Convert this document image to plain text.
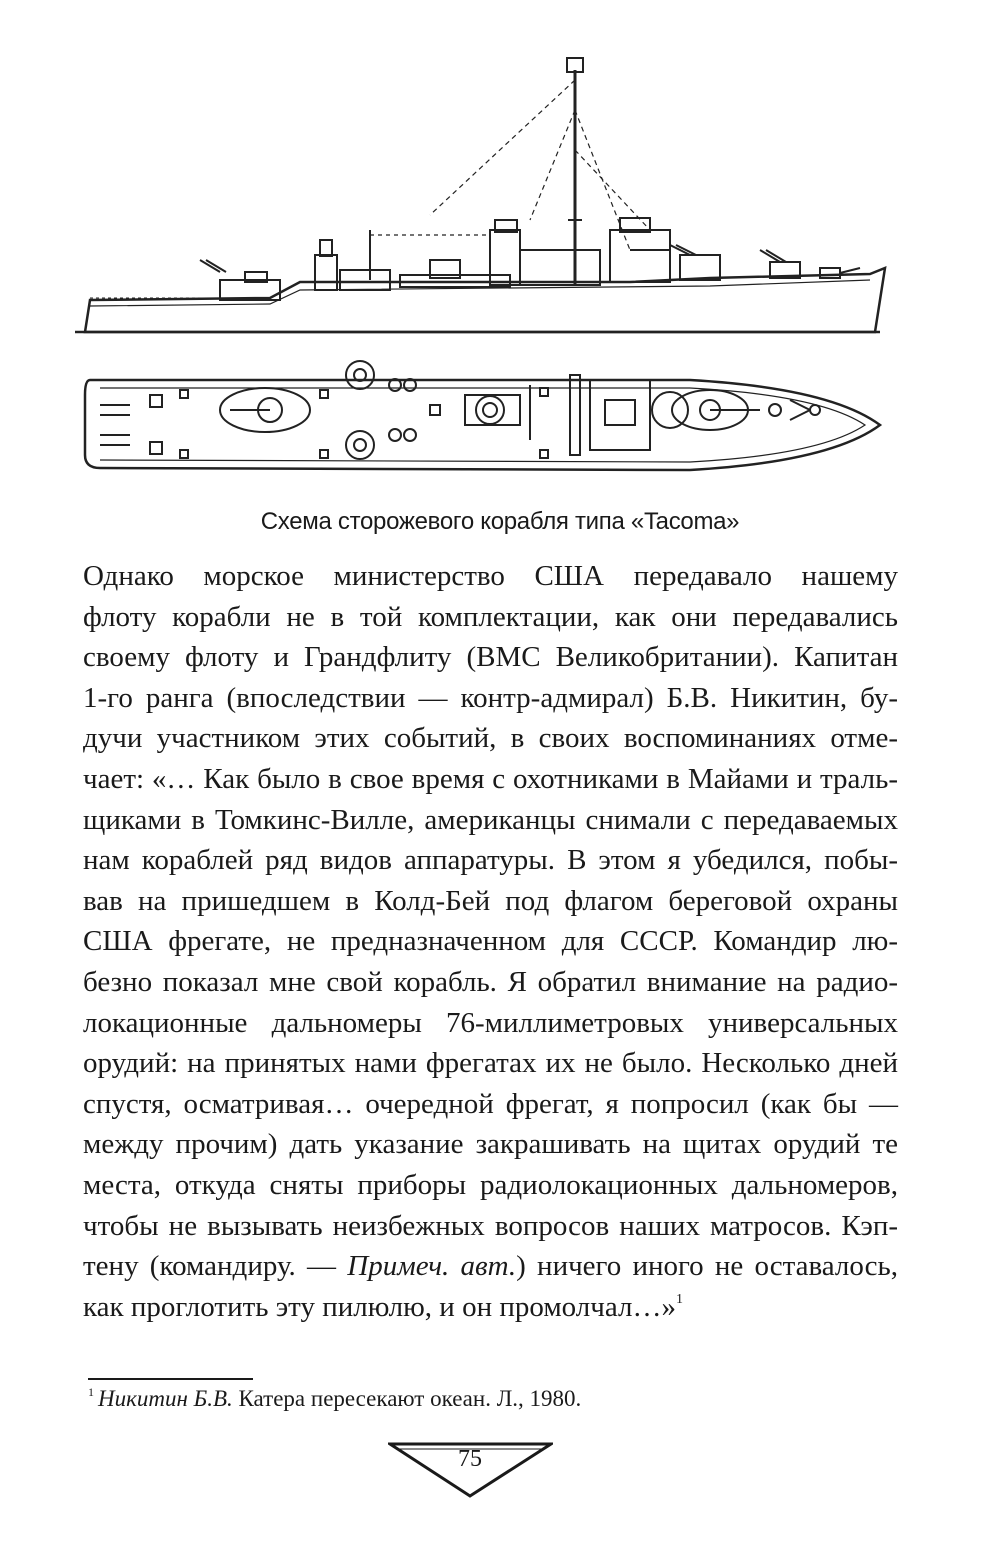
Схема сторожевого корабля типа «Tacoma»
Однако морское министерство США передавало нашему
флоту корабли не в той комплектации, как они передавались
своему флоту и Грандфлиту (ВМС Великобритании). Капитан
1-го ранга (впоследствии — контр-адмирал) Б.В. Никитин, бу-
дучи участником этих событий, в своих воспоминаниях отме-
чает: «… Как было в свое время с охотниками в Майами и траль-
щиками в Томкинс-Вилле, американцы снимали с передаваемых
нам кораблей ряд видов аппаратуры. В этом я убедился, побы-
вав на пришедшем в Колд-Бей под флагом береговой охраны
США фрегате, не предназначенном для СССР. Командир лю-
безно показал мне свой корабль. Я обратил внимание на радио-
локационные дальномеры 76-миллиметровых универсальных
орудий: на принятых нами фрегатах их не было. Несколько дней
спустя, осматривая… очередной фрегат, я попросил (как бы —
между прочим) дать указание закрашивать на щитах орудий те
места, откуда сняты приборы радиолокационных дальномеров,
чтобы не вызывать неизбежных вопросов наших матросов. Кэп-
тену (командиру. — Примеч. авт.) ничего иного не оставалось,
как проглотить эту пилюлю, и он промолчал…»$^1$
$^1$ Никитин Б.В. Катера пересекают океан. Л., 1980.
75
